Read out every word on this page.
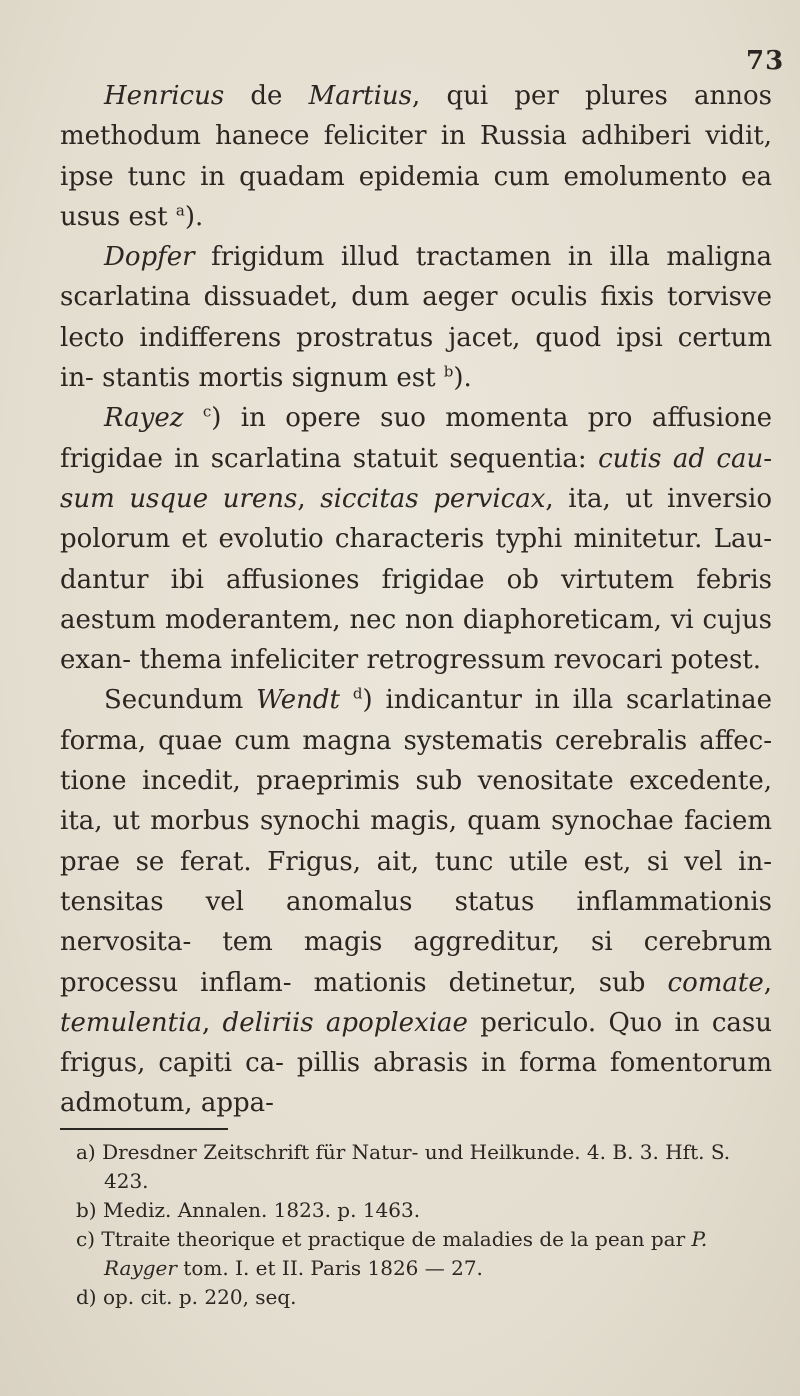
73

Henricus de Martius, qui per plures annos methodum hanece feliciter in Russia adhiberi vidit, ipse tunc in quadam epidemia cum emolumento ea usus est $^a$).

Dopfer frigidum illud tractamen in illa maligna scarlatina dissuadet, dum aeger oculis fixis torvisve lecto indifferens prostratus jacet, quod ipsi certum in- stantis mortis signum est $^b$).

Rayez $^c$) in opere suo momenta pro affusione frigidae in scarlatina statuit sequentia: cutis ad cau- sum usque urens, siccitas pervicax, ita, ut inversio polorum et evolutio characteris typhi minitetur. Lau- dantur ibi affusiones frigidae ob virtutem febris aestum moderantem, nec non diaphoreticam, vi cujus exan- thema infeliciter retrogressum revocari potest.

Secundum Wendt $^d$) indicantur in illa scarlatinae forma, quae cum magna systematis cerebralis affec- tione incedit, praeprimis sub venositate excedente, ita, ut morbus synochi magis, quam synochae faciem prae se ferat. Frigus, ait, tunc utile est, si vel in- tensitas vel anomalus status inflammationis nervosita- tem magis aggreditur, si cerebrum processu inflam- mationis detinetur, sub comate, temulentia, deliriis apoplexiae periculo. Quo in casu frigus, capiti ca- pillis abrasis in forma fomentorum admotum, appa-

a) Dresdner Zeitschrift für Natur- und Heilkunde. 4. B. 3. Hft. S. 423.

b) Mediz. Annalen. 1823. p. 1463.

c) Ttraite theorique et practique de maladies de la pean par P. Rayger tom. I. et II. Paris 1826 — 27.

d) op. cit. p. 220, seq.
